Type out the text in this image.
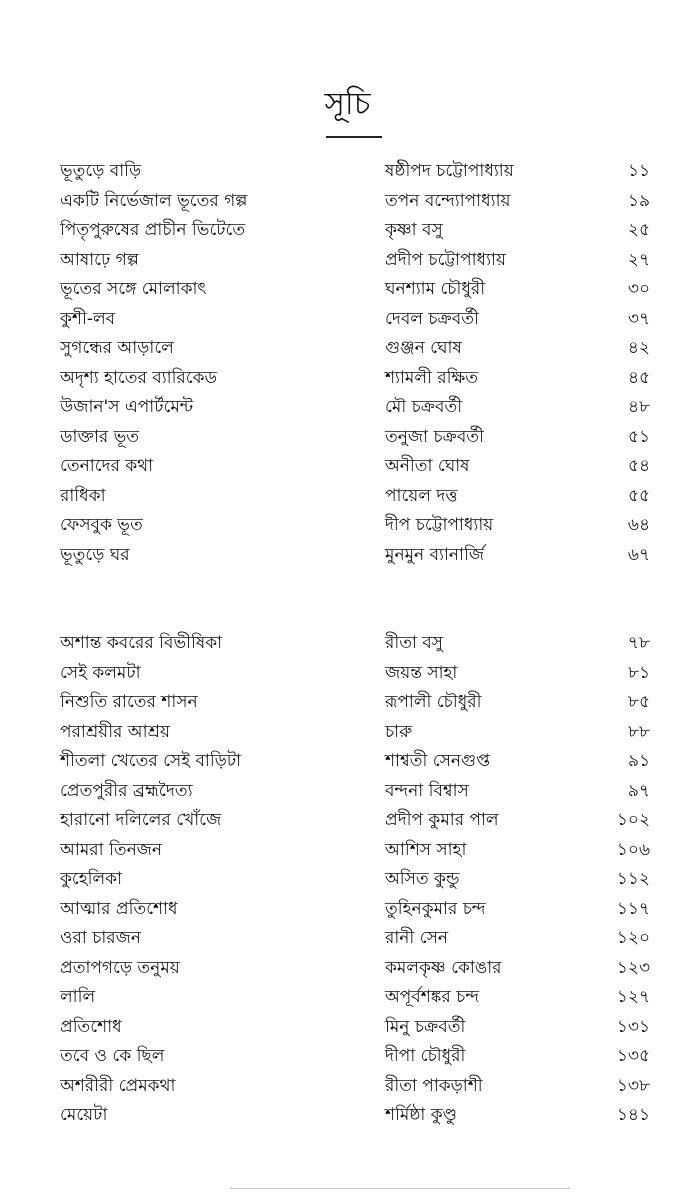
সূচি
ভূতুড়ে বাড়ি	ষষ্ঠীপদ চট্টোপাধ্যায়	১১
একটি নির্ভেজাল ভূতের গল্প	তপন বন্দ্যোপাধ্যায়	১৯
পিতৃপুরুষের প্রাচীন ভিটেতে	কৃষ্ণা বসু	২৫
আষাঢ়ে গল্প	প্রদীপ চট্টোপাধ্যায়	২৭
ভূতের সঙ্গে মোলাকাৎ	ঘনশ্যাম চৌধুরী	৩০
কুশী-লব	দেবল চক্রবর্তী	৩৭
সুগন্ধের আড়ালে	গুঞ্জন ঘোষ	৪২
অদৃশ্য হাতের ব্যারিকেড	শ্যামলী রক্ষিত	৪৫
উজান'স এপার্টমেন্ট	মৌ চক্রবর্তী	৪৮
ডাক্তার ভূত	তনুজা চক্রবর্তী	৫১
তেনাদের কথা	অনীতা ঘোষ	৫৪
রাধিকা	পায়েল দত্ত	৫৫
ফেসবুক ভূত	দীপ চট্টোপাধ্যায়	৬৪
ভূতুড়ে ঘর	মুনমুন ব্যানার্জি	৬৭
অশান্ত কবরের বিভীষিকা	রীতা বসু	৭৮
সেই কলমটা	জয়ন্ত সাহা	৮১
নিশুতি রাতের শাসন	রূপালী চৌধুরী	৮৫
পরাশ্রয়ীর আশ্রয়	চারু	৮৮
শীতলা খেতের সেই বাড়িটা	শাশ্বতী সেনগুপ্ত	৯১
প্রেতপুরীর ব্রহ্মদৈত্য	বন্দনা বিশ্বাস	৯৭
হারানো দলিলের খোঁজে	প্রদীপ কুমার পাল	১০২
আমরা তিনজন	আশিস সাহা	১০৬
কুহেলিকা	অসিত কুন্ডু	১১২
আত্মার প্রতিশোধ	তুহিনকুমার চন্দ	১১৭
ওরা চারজন	রানী সেন	১২০
প্রতাপগড়ে তনুময়	কমলকৃষ্ণ কোঙার	১২৩
লালি	অপূর্বশঙ্কর চন্দ	১২৭
প্রতিশোধ	মিনু চক্রবর্তী	১৩১
তবে ও কে ছিল	দীপা চৌধুরী	১৩৫
অশরীরী প্রেমকথা	রীতা পাকড়াশী	১৩৮
মেয়েটা	শর্মিষ্ঠা কুণ্ডু	১৪১
